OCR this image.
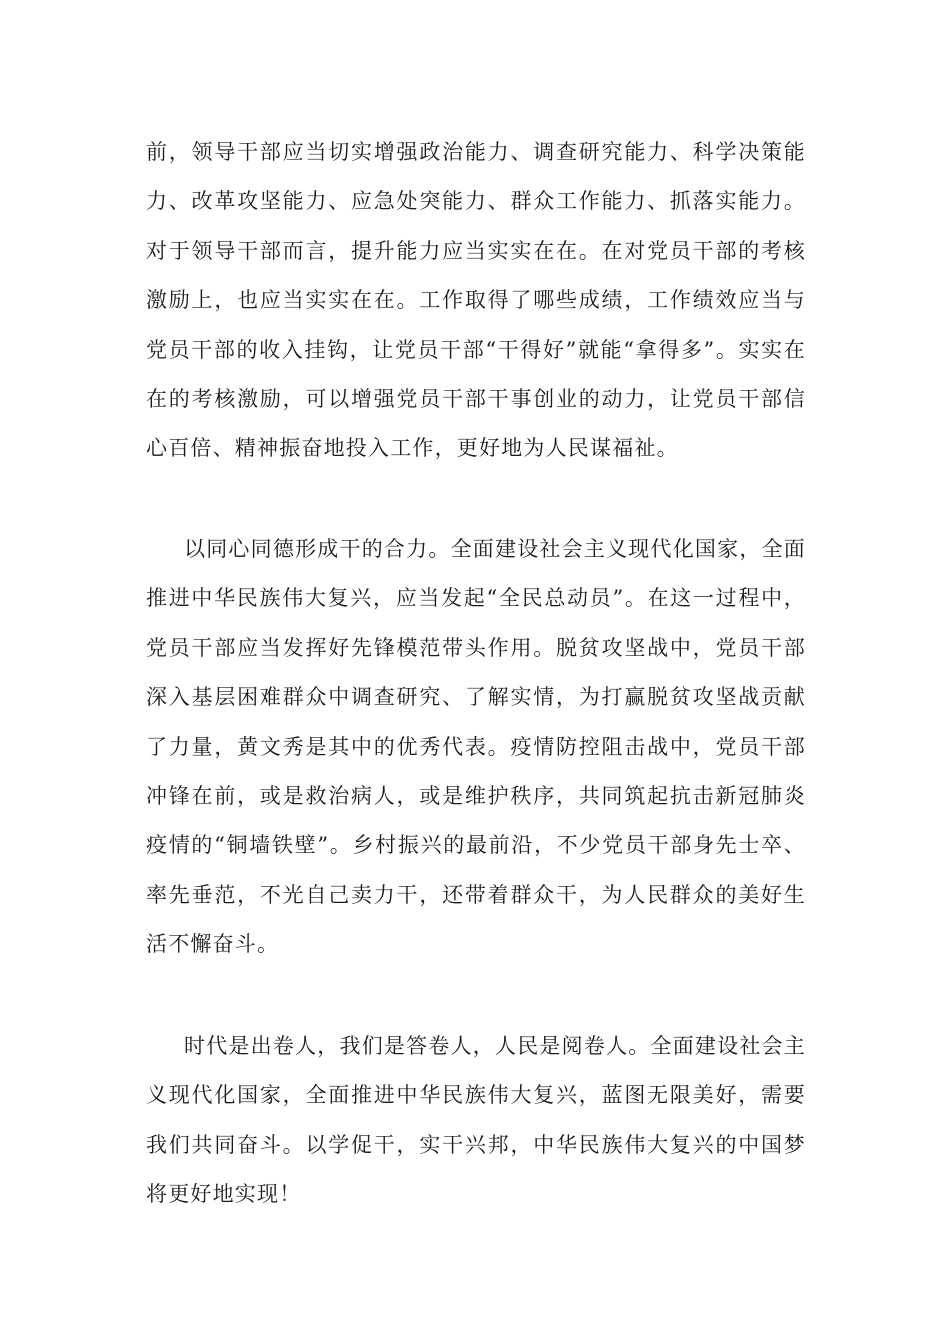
前，领导干部应当切实增强政治能力、调查研究能力、科学决策能力、改革攻坚能力、应急处突能力、群众工作能力、抓落实能力。对于领导干部而言，提升能力应当实实在在。在对党员干部的考核激励上，也应当实实在在。工作取得了哪些成绩，工作绩效应当与党员干部的收入挂钩，让党员干部“干得好”就能“拿得多”。实实在在的考核激励，可以增强党员干部干事创业的动力，让党员干部信心百倍、精神振奋地投入工作，更好地为人民谋福祉。

以同心同德形成干的合力。全面建设社会主义现代化国家，全面推进中华民族伟大复兴，应当发起“全民总动员”。在这一过程中，党员干部应当发挥好先锋模范带头作用。脱贫攻坚战中，党员干部深入基层困难群众中调查研究、了解实情，为打赢脱贫攻坚战贡献了力量，黄文秀是其中的优秀代表。疫情防控阻击战中，党员干部冲锋在前，或是救治病人，或是维护秩序，共同筑起抗击新冠肺炎疫情的“铜墙铁壁”。乡村振兴的最前沿，不少党员干部身先士卒、率先垂范，不光自己卖力干，还带着群众干，为人民群众的美好生活不懈奋斗。

时代是出卷人，我们是答卷人，人民是阅卷人。全面建设社会主义现代化国家，全面推进中华民族伟大复兴，蓝图无限美好，需要我们共同奋斗。以学促干，实干兴邦，中华民族伟大复兴的中国梦将更好地实现！
